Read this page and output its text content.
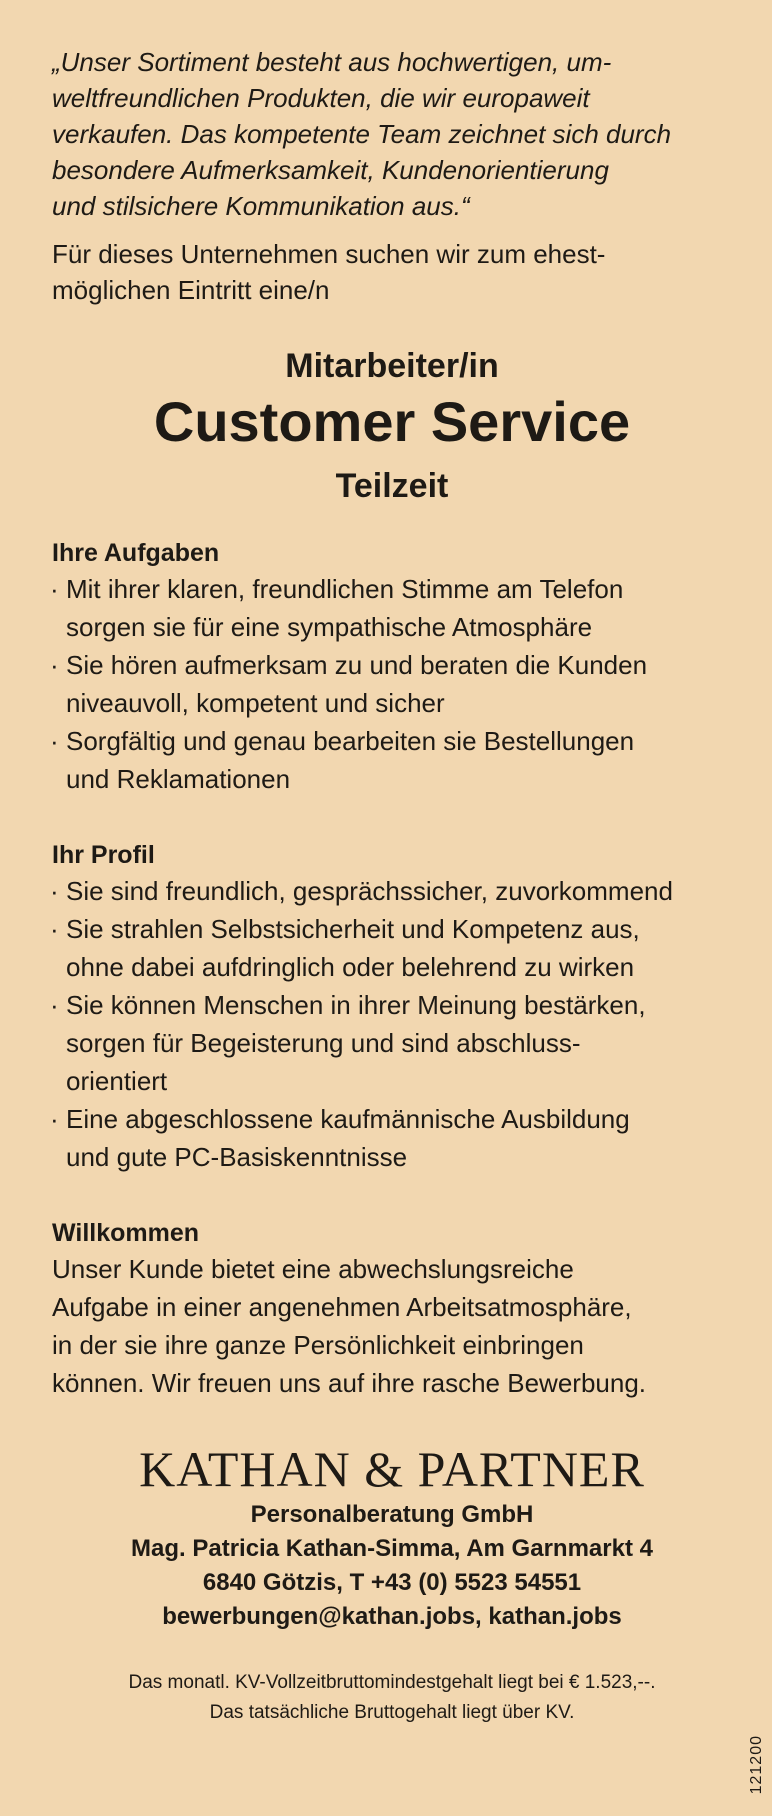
„Unser Sortiment besteht aus hochwertigen, um-
weltfreundlichen Produkten, die wir europaweit
verkaufen. Das kompetente Team zeichnet sich durch
besondere Aufmerksamkeit, Kundenorientierung
und stilsichere Kommunikation aus.“
Für dieses Unternehmen suchen wir zum ehest-
möglichen Eintritt eine/n
Mitarbeiter/in
Customer Service
Teilzeit
Ihre Aufgaben
· Mit ihrer klaren, freundlichen Stimme am Telefon
sorgen sie für eine sympathische Atmosphäre
· Sie hören aufmerksam zu und beraten die Kunden
niveauvoll, kompetent und sicher
· Sorgfältig und genau bearbeiten sie Bestellungen
und Reklamationen
Ihr Profil
· Sie sind freundlich, gesprächssicher, zuvorkommend
· Sie strahlen Selbstsicherheit und Kompetenz aus,
ohne dabei aufdringlich oder belehrend zu wirken
· Sie können Menschen in ihrer Meinung bestärken,
sorgen für Begeisterung und sind abschluss-
orientiert
· Eine abgeschlossene kaufmännische Ausbildung
und gute PC-Basiskenntnisse
Willkommen
Unser Kunde bietet eine abwechslungsreiche
Aufgabe in einer angenehmen Arbeitsatmosphäre,
in der sie ihre ganze Persönlichkeit einbringen
können. Wir freuen uns auf ihre rasche Bewerbung.
KATHAN & PARTNER
Personalberatung GmbH
Mag. Patricia Kathan-Simma, Am Garnmarkt 4
6840 Götzis, T +43 (0) 5523 54551
bewerbungen@kathan.jobs, kathan.jobs
Das monatl. KV-Vollzeitbruttomindestgehalt liegt bei € 1.523,--.
Das tatsächliche Bruttogehalt liegt über KV.
121200
